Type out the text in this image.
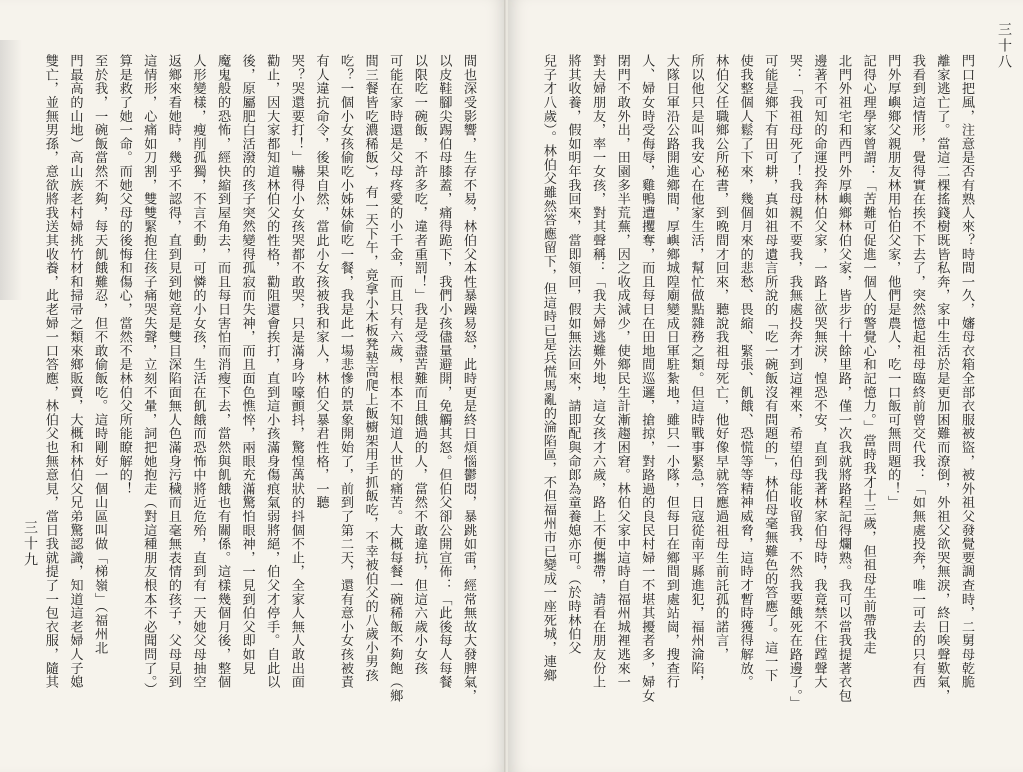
間也深受影響，生存不易，林伯父本性暴躁易怒，此時更是終日煩惱鬱悶，暴跳如雷，經常無故大發脾氣，
以皮鞋腳尖踢伯母膝蓋，痛得跪下，我們小孩儘量避開，免觸其怒。但伯父卻公開宣佈：「此後每人每餐
以限吃一碗飯，不許多吃，違者重罰！」我是受盡苦難而且餓過的人，當然不敢違抗，但這六歲小女孩
可能在家時還是父母疼愛的小千金，而且只有六歲，根本不知道人世的痛苦。大概每餐一碗稀飯不夠飽（鄉
間三餐皆吃濃稀飯），有一天下午，竟拿小木板凳墊高爬上飯櫥架用手抓飯吃，不幸被伯父的八歲小男孩
吃？一個小女孩偷吃小姊妹偷吃一餐，我是此一場悲慘的景象開始了，前到了第二天，還有意小女孩被責
有人違抗命令，後果自然，當此小女孩被我和家人，林伯父暴君性格，一聽
哭？哭還要打！」嚇得小女孩哭都不敢哭，只是滿身吟嚎顫抖，驚惶萬狀的抖個不止，全家人無人敢出面
勸止，因大家都知道林伯父的性格，勸阻還會挨打，直到這小孩滿身傷痕氣弱將絕，伯父才停手。自此以
後，原屬肥白活潑的孩子突然變得孤寂而失神，而且面色憔悴，兩眼充滿驚怕眼神，一見到伯父即如見
魔鬼般的恐怖，經快縮到屋角去，而且每日害怕而消瘦下去，當然與飢餓也有關係。這樣幾個月後，整個
人形變樣，瘦削孤獨，不言不動，可憐的小女孩，生活在飢餓而恐怖中將近危殆，直到有一天她父母抽空
返鄉來看她時，幾乎不認得，直到見到她竟是雙目深陷面無人色滿身污穢而且毫無表情的孩子，父母見到
這情形，心痛如刀割，雙雙緊抱住孩子痛哭失聲，立刻不暈，詞把她抱走（對這種朋友根本不必聞問了。）
算是救了她一命。而她父母的後悔和傷心，當然不是林伯父所能瞭解的！
至於我，一碗飯當然不夠，每天飢餓難忍，但不敢偷飯吃。這時剛好一個山區叫做「梯嶺」（福州北
門最高的山地）高山族老村婦挑竹材和掃帚之類來鄉販賣，大概和林伯父兄弟驚認識，知道這老婦人子媳
雙亡，並無男孫，意欲將我送其收養，此老婦一口答應，林伯父也無意見，當日我就提了一包衣服，隨其
三十九	門口把風，注意是否有熟人來？時間一久，嬸母衣箱全部衣服被盜，被外祖父發覺要調查時，二舅母乾脆
離家逃亡了。當這二棵搖錢樹既皆私奔，家中生活於是更加困難而潦倒，外祖父欲哭無淚，終日唉聲歎氣，
我看到這情形，覺得實在挨不下去了，突然憶起祖母臨終前曾交代我：「如無處投奔，唯一可去的只有西
門外厚嶼鄉父親朋友林用怡伯父家，他們是農人，吃一口飯可無問題的！」
記得心理學家曾謂：「苦難可促進一個人的警覺心和記憶力。」當時我才十三歲，但祖母生前帶我走
北門外祖宅和西門外厚嶼鄉林伯父家，皆步行十餘里路，僅一次我就將路程記得爛熟。我可以當我提著衣包
邊著不可知的命運投奔林伯父家，一路上欲哭無淚，惶恐不安，直到我著林家伯母時，我竟禁不住蹚聲大
哭：「我祖母死了！我母親不要我，我無處投奔才到這裡來，希望伯母能收留我，不然我要餓死在路邊了。」
可能是鄉下有田可耕，真如祖母遺言所說的「吃一碗飯沒有問題的」，林伯母毫無難色的答應了。這一下
使我整個人鬆了下來，幾個月來的悲愁、畏縮、緊張、飢餓、恐慌等等精神威脅，這時才暫時獲得解放。
林伯父任職鄉公所秘書，到晚間才回來，聽說我祖母死亡，他好像早就答應過祖母生前託孤的諾言，
所以他只是叫我安心在他家生活，幫忙做點雜務之類。但這時戰事緊急，日寇從南平縣進犯，福州淪陷，
大隊日軍沿公路開進鄉間，厚嶼鄉城隍廟變成日軍駐紮地，雖只一小隊，但每日在鄉間到處站崗，搜查行
人、婦女時受侮辱，雞鴨遭攫奪，而且每日在田地間巡邏，搶掠，對路過的良民村婦一不堪其擾者多，婦女
閉門不敢外出，田園多半荒蕪，因之收成減少，使鄉民生計漸趨困窘。林伯父家中這時自福州城裡逃來一
對夫婦朋友，率一女孩，對其聲稱：「我夫婦逃難外地，這女孩才六歲，路上不便攜帶，請看在朋友份上
將其收養，假如明年我回來，當即領回，假如無法回來，請即配與命郎為童養媳亦可。（於時林伯父
兒子才八歲）。林伯父雖然答應留下，但這時已是兵慌馬亂的淪陷區，不但福州市已變成一座死城，連鄉
三十八
